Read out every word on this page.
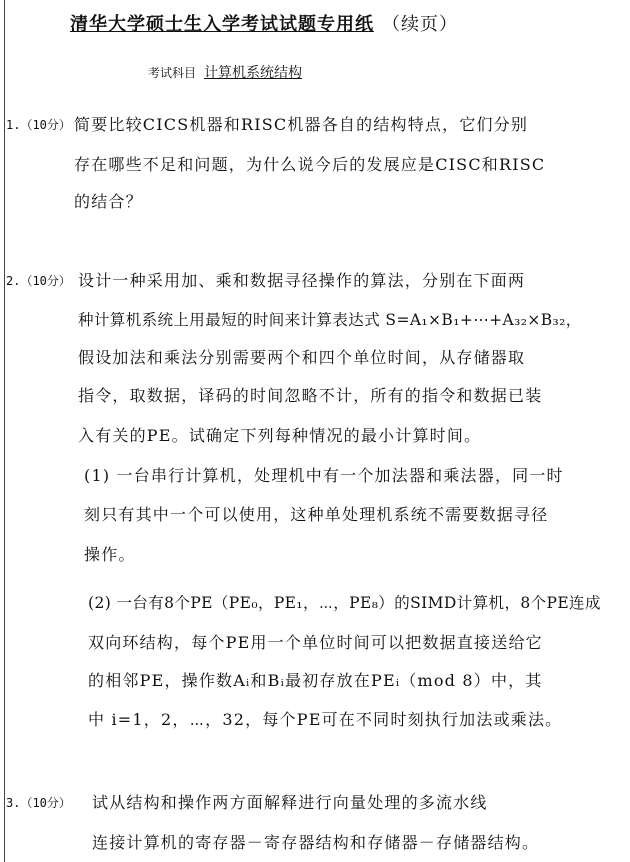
清华大学硕士生入学考试试题专用纸 （续页）
考试科目 计算机系统结构
1.（10分） 简要比较CICS机器和RISC机器各自的结构特点，它们分别
存在哪些不足和问题，为什么说今后的发展应是CISC和RISC
的结合？
2.（10分） 设计一种采用加、乘和数据寻径操作的算法，分别在下面两
种计算机系统上用最短的时间来计算表达式 S=A₁×B₁+⋯+A₃₂×B₃₂，
假设加法和乘法分别需要两个和四个单位时间，从存储器取
指令，取数据，译码的时间忽略不计，所有的指令和数据已装
入有关的PE。试确定下列每种情况的最小计算时间。
(1) 一台串行计算机，处理机中有一个加法器和乘法器，同一时
刻只有其中一个可以使用，这种单处理机系统不需要数据寻径
操作。
(2) 一台有8个PE（PE₀，PE₁，⋯，PE₈）的SIMD计算机，8个PE连成
双向环结构，每个PE用一个单位时间可以把数据直接送给它
的相邻PE，操作数Aᵢ和Bᵢ最初存放在PEᵢ（mod 8）中，其
中 i=1，2，⋯，32，每个PE可在不同时刻执行加法或乘法。
3.（10分） 试从结构和操作两方面解释进行向量处理的多流水线
连接计算机的寄存器－寄存器结构和存储器－存储器结构。
